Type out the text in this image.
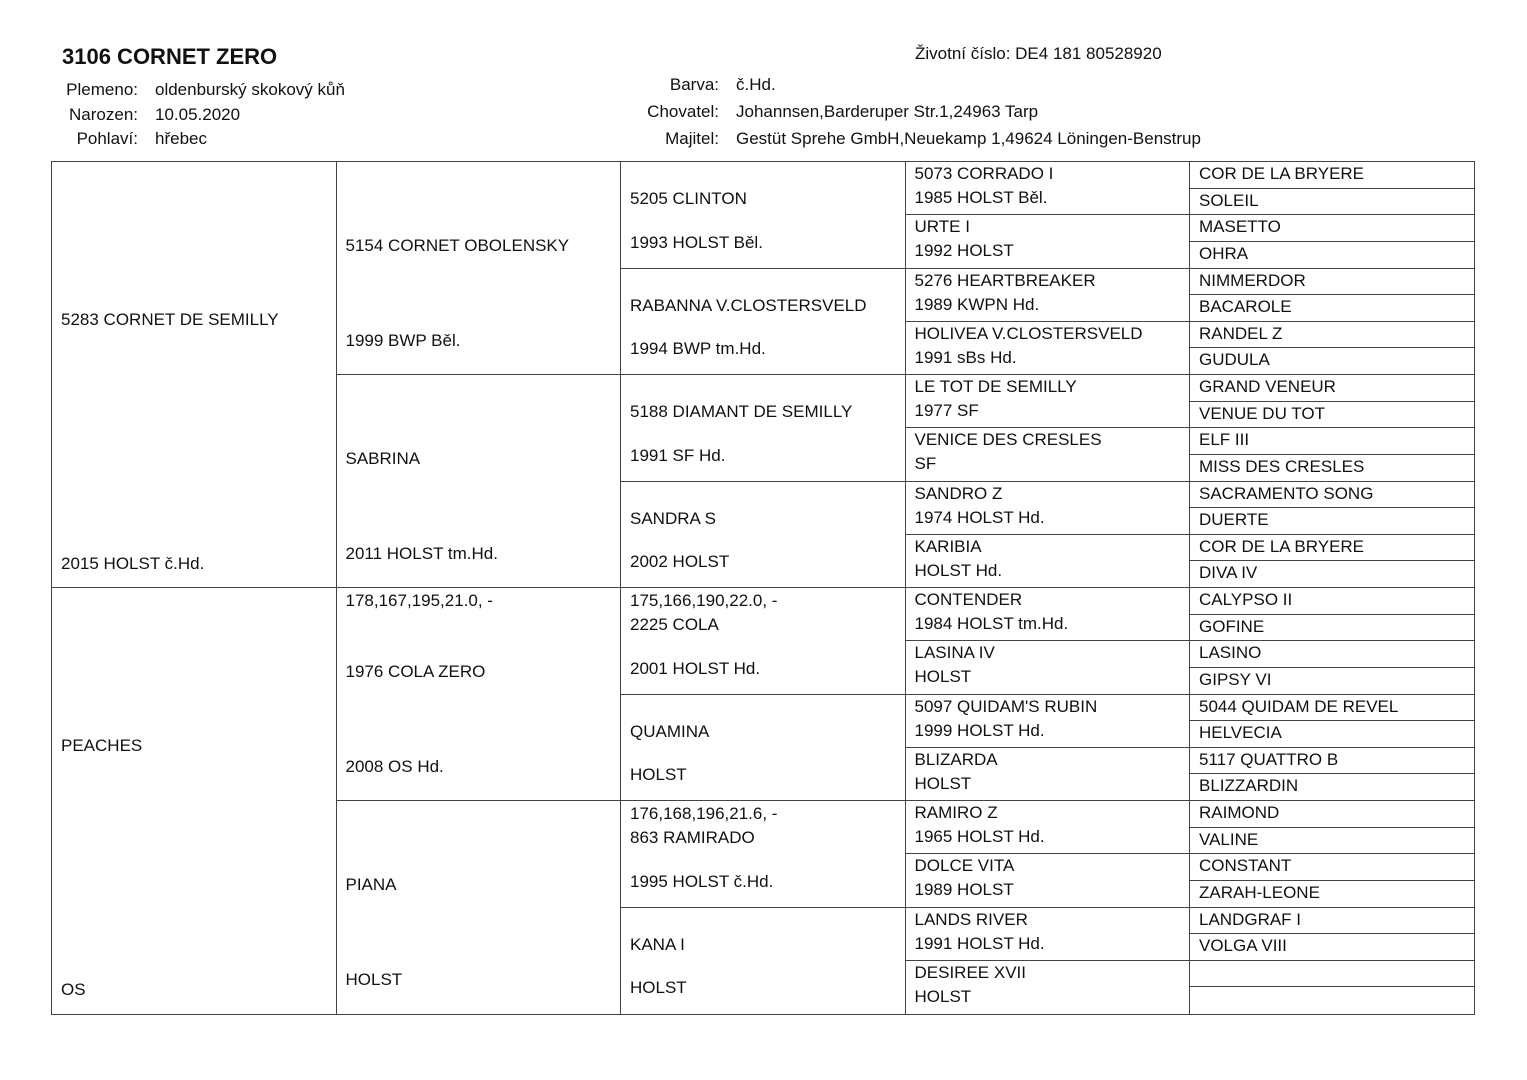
3106 CORNET ZERO	Životní číslo: DE4 181 80528920
Plemeno: oldenburský skokový kůň
Narozen: 10.05.2020
Pohlaví: hřebec
Barva: č.Hd.
Chovatel: Johannsen,Barderuper Str.1,24963 Tarp
Majitel: Gestüt Sprehe GmbH,Neuekamp 1,49624 Löningen-Benstrup
5283 CORNET DE SEMILLY
2015 HOLST č.Hd.
PEACHES
OS
5154 CORNET OBOLENSKY
1999 BWP Běl.
SABRINA
2011 HOLST tm.Hd.
178,167,195,21.0, -
1976 COLA ZERO
2008 OS Hd.
PIANA
HOLST
5205 CLINTON
1993 HOLST Běl.
RABANNA V.CLOSTERSVELD
1994 BWP tm.Hd.
5188 DIAMANT DE SEMILLY
1991 SF Hd.
SANDRA S
2002 HOLST
175,166,190,22.0, -
2225 COLA
2001 HOLST Hd.
QUAMINA
HOLST
176,168,196,21.6, -
863 RAMIRADO
1995 HOLST č.Hd.
KANA I
HOLST
5073 CORRADO I
1985 HOLST Běl.
URTE I
1992 HOLST
5276 HEARTBREAKER
1989 KWPN Hd.
HOLIVEA V.CLOSTERSVELD
1991 sBs Hd.
LE TOT DE SEMILLY
1977 SF
VENICE DES CRESLES
SF
SANDRO Z
1974 HOLST Hd.
KARIBIA
HOLST Hd.
CONTENDER
1984 HOLST tm.Hd.
LASINA IV
HOLST
5097 QUIDAM'S RUBIN
1999 HOLST Hd.
BLIZARDA
HOLST
RAMIRO Z
1965 HOLST Hd.
DOLCE VITA
1989 HOLST
LANDS RIVER
1991 HOLST Hd.
DESIREE XVII
HOLST
COR DE LA BRYERE
SOLEIL
MASETTO
OHRA
NIMMERDOR
BACAROLE
RANDEL Z
GUDULA
GRAND VENEUR
VENUE DU TOT
ELF III
MISS DES CRESLES
SACRAMENTO SONG
DUERTE
COR DE LA BRYERE
DIVA IV
CALYPSO II
GOFINE
LASINO
GIPSY VI
5044 QUIDAM DE REVEL
HELVECIA
5117 QUATTRO B
BLIZZARDIN
RAIMOND
VALINE
CONSTANT
ZARAH-LEONE
LANDGRAF I
VOLGA VIII
